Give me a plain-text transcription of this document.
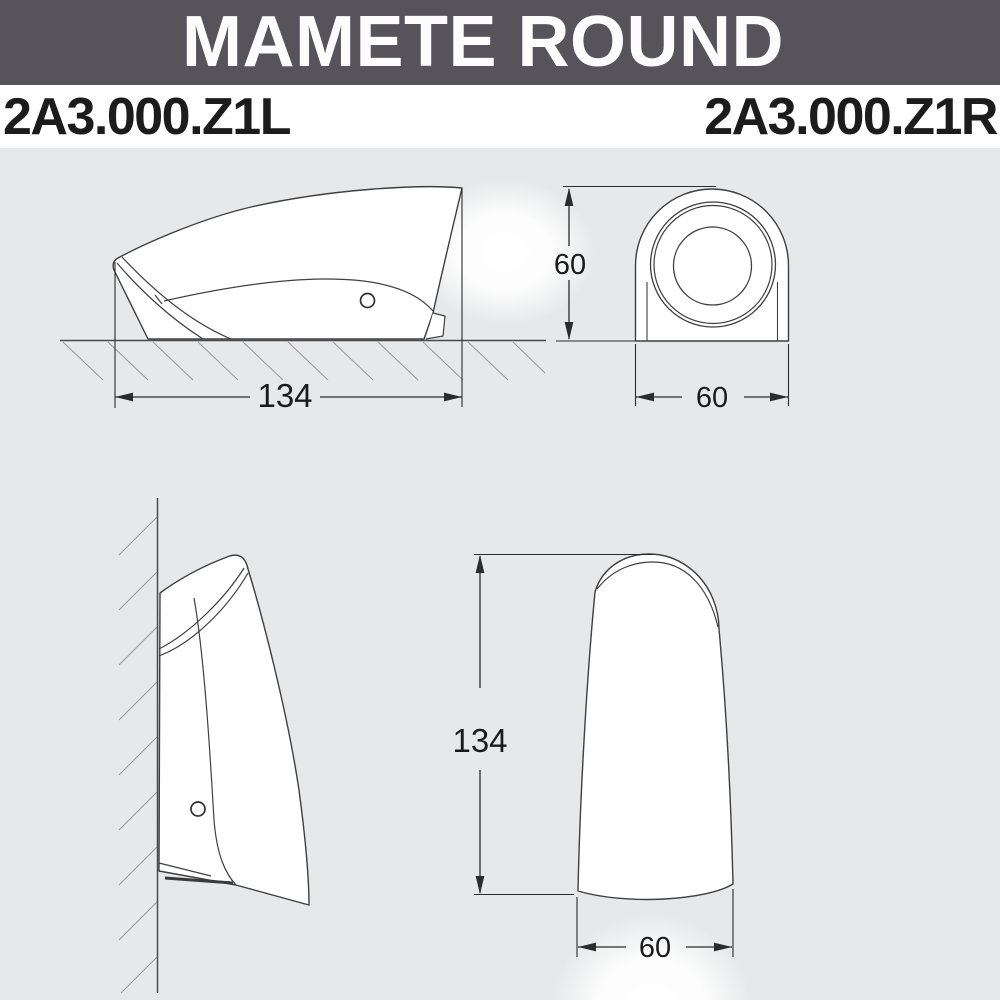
MAMETE ROUND
2A3.000.Z1L	2A3.000.Z1R
134
60
60
134
60
